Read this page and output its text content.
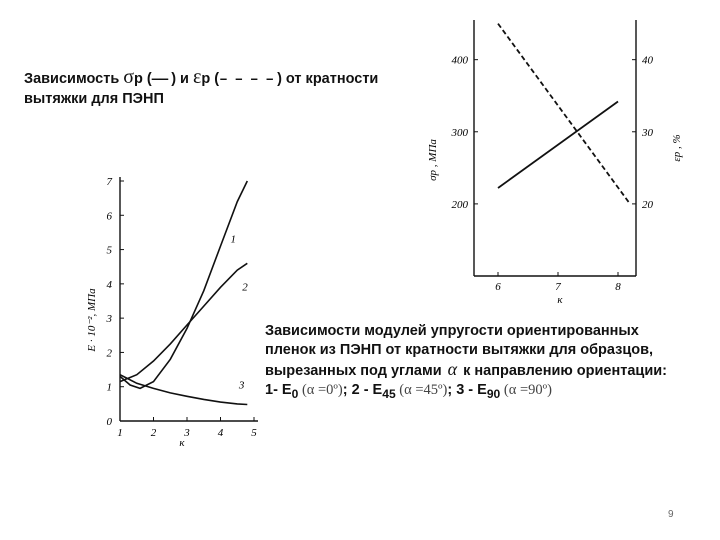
Зависимость σр (—— ) и εр (– – – – ) от кратности
вытяжки для ПЭНП
1	2	3	4	5
0
1
2
3
4
5
6
7
к
E · 10⁻², МПа
1
2
3
6	7	8
200
300
400
20
30
40
к
σр , МПа	εр , %
Зависимости модулей упругости ориентированных
пленок из ПЭНП от кратности вытяжки для образцов,
вырезанных под углами α к направлению ориентации:
1- $E_0$ (α =0º); $2 - E_{45}$ (α =45º); $3 - E_{90}$ (α =90º)
9
